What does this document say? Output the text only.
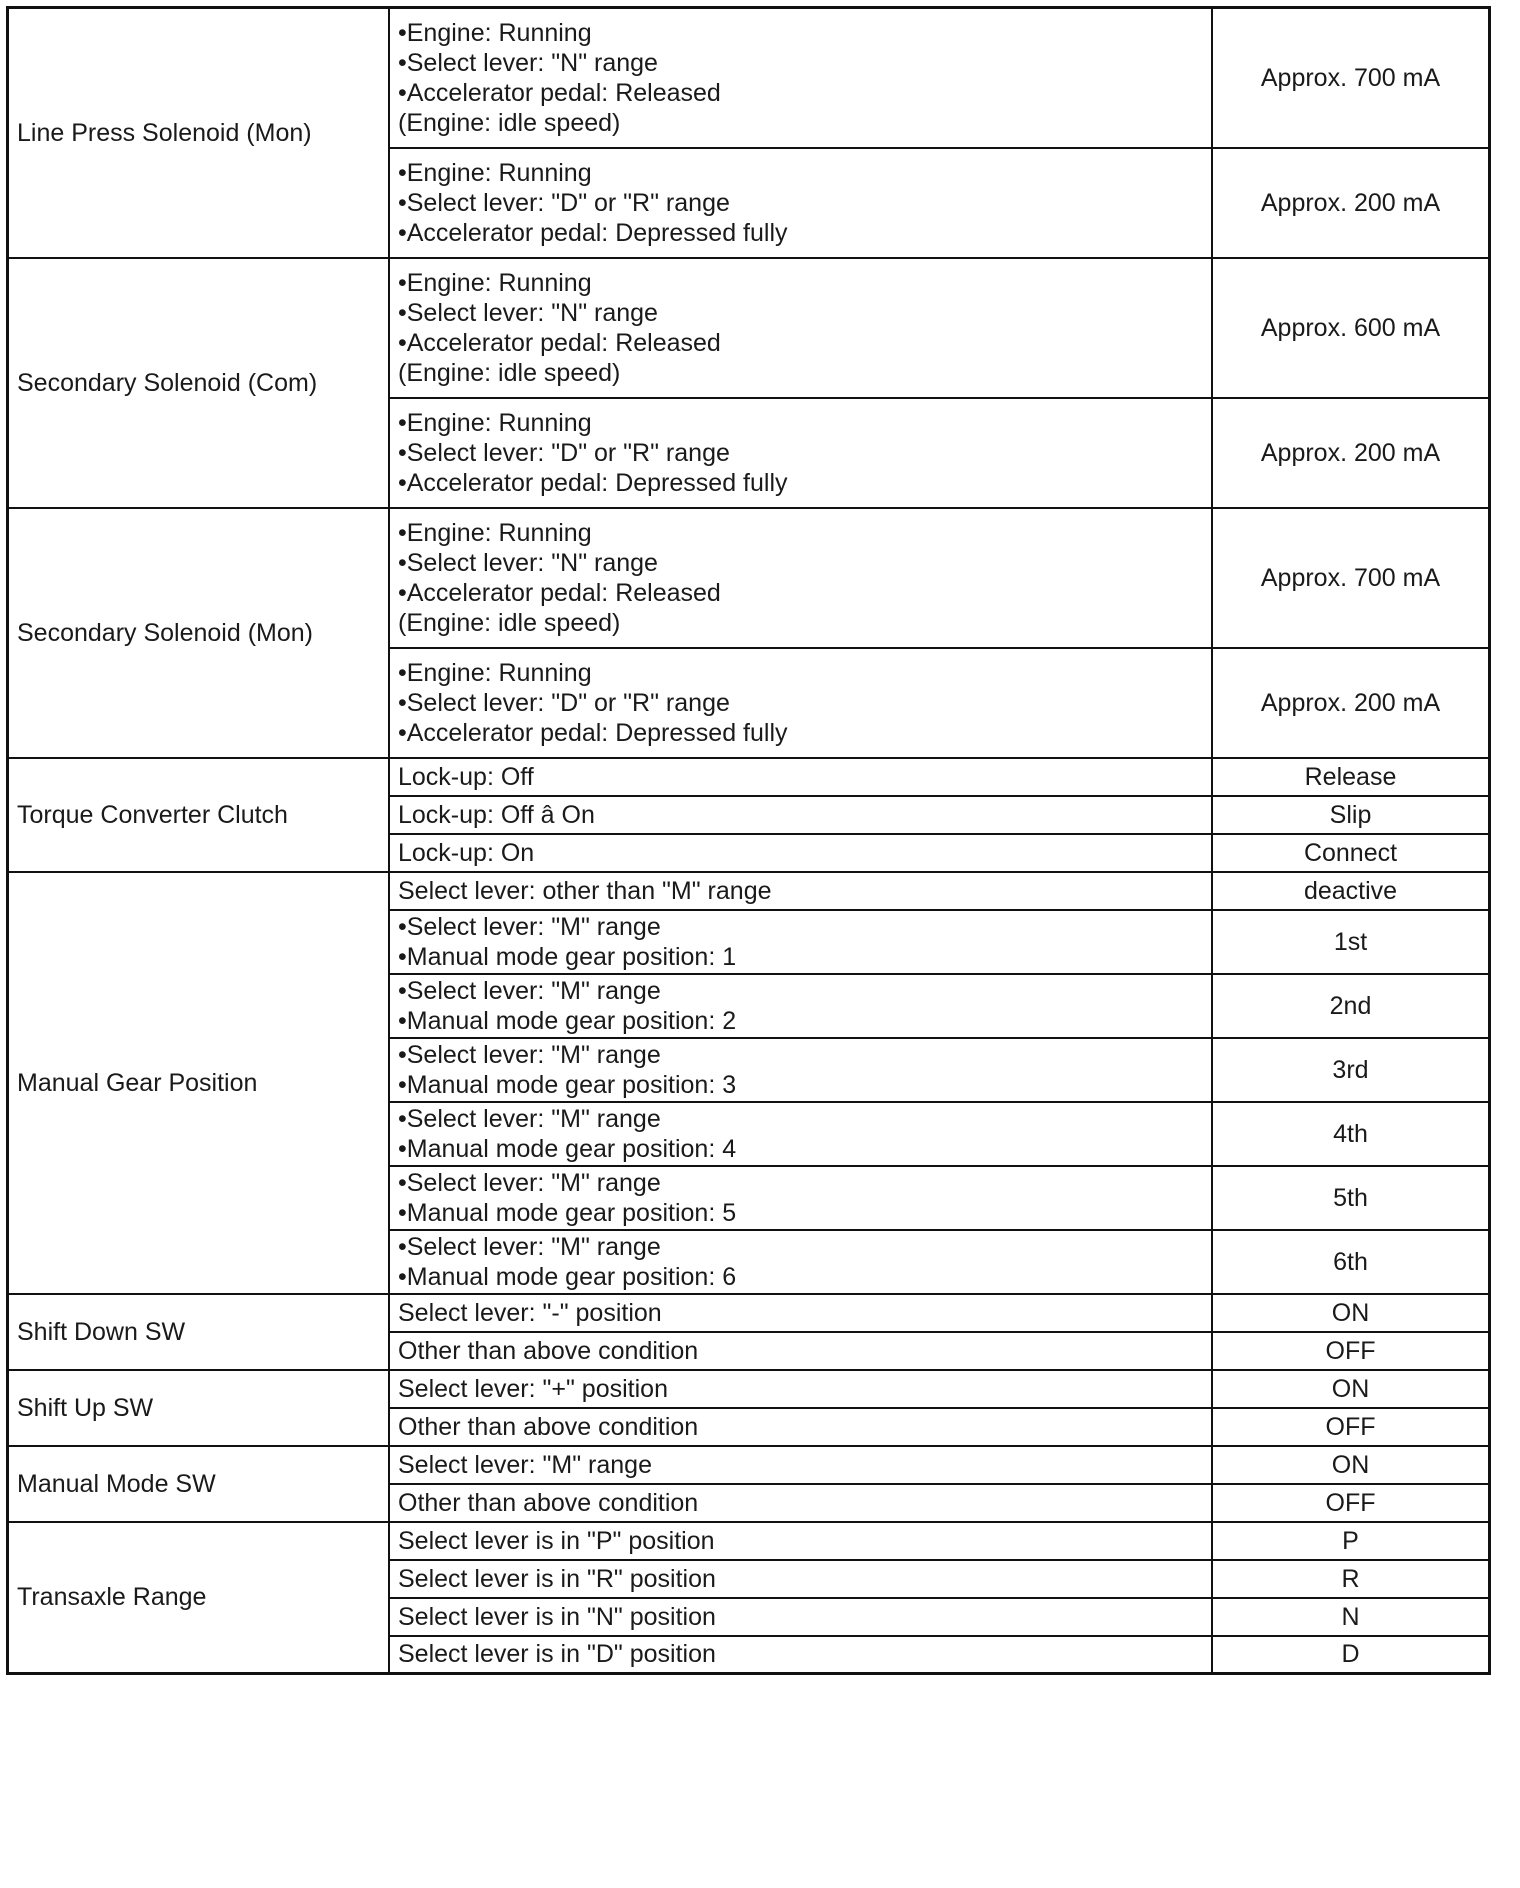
Line Press Solenoid (Mon)	•Engine: Running
•Select lever: "N" range
•Accelerator pedal: Released
(Engine: idle speed)	Approx. 700 mA

	•Engine: Running
•Select lever: "D" or "R" range
•Accelerator pedal: Depressed fully	Approx. 200 mA
Secondary Solenoid (Com)	•Engine: Running
•Select lever: "N" range
•Accelerator pedal: Released
(Engine: idle speed)	Approx. 600 mA

	•Engine: Running
•Select lever: "D" or "R" range
•Accelerator pedal: Depressed fully	Approx. 200 mA
Secondary Solenoid (Mon)	•Engine: Running
•Select lever: "N" range
•Accelerator pedal: Released
(Engine: idle speed)	Approx. 700 mA

	•Engine: Running
•Select lever: "D" or "R" range
•Accelerator pedal: Depressed fully	Approx. 200 mA
Torque Converter Clutch	Lock-up: Off	Release

	Lock-up: Off â On	Slip

	Lock-up: On	Connect
Manual Gear Position	Select lever: other than "M" range	deactive

	•Select lever: "M" range
•Manual mode gear position: 1	1st

	•Select lever: "M" range
•Manual mode gear position: 2	2nd

	•Select lever: "M" range
•Manual mode gear position: 3	3rd

	•Select lever: "M" range
•Manual mode gear position: 4	4th

	•Select lever: "M" range
•Manual mode gear position: 5	5th

	•Select lever: "M" range
•Manual mode gear position: 6	6th
Shift Down SW	Select lever: "-" position	ON

	Other than above condition	OFF
Shift Up SW	Select lever: "+" position	ON

	Other than above condition	OFF
Manual Mode SW	Select lever: "M" range	ON

	Other than above condition	OFF
Transaxle Range	Select lever is in "P" position	P

	Select lever is in "R" position	R

	Select lever is in "N" position	N

	Select lever is in "D" position	D
